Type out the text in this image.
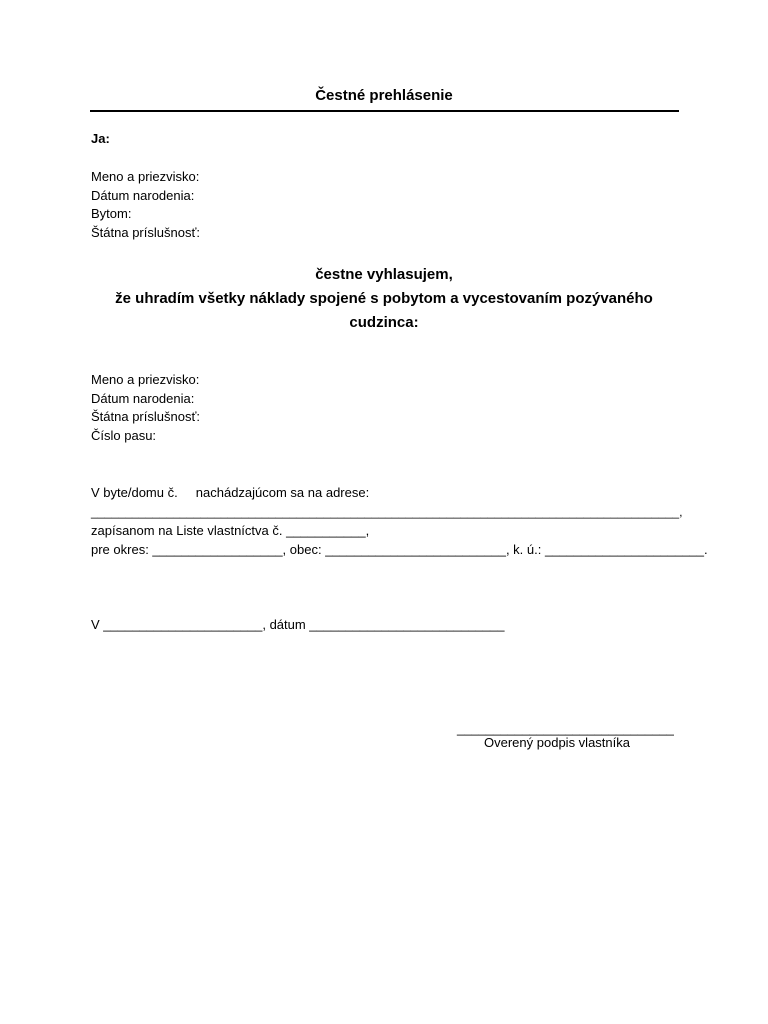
Čestné prehlásenie
Ja:
Meno a priezvisko:
Dátum narodenia:
Bytom:
Štátna príslušnosť:
čestne vyhlasujem,
že uhradím všetky náklady spojené s pobytom a vycestovaním pozývaného
cudzinca:
Meno a priezvisko:
Dátum narodenia:
Štátna príslušnosť:
Číslo pasu:
V byte/domu č.     nachádzajúcom sa na adrese:
______________________________________________________________________________________,
zapísanom na Liste vlastníctva č. ___________,
pre okres: __________________, obec: _________________________, k. ú.: ______________________.
V ______________________, dátum ___________________________
______________________________
Overený podpis vlastníka
